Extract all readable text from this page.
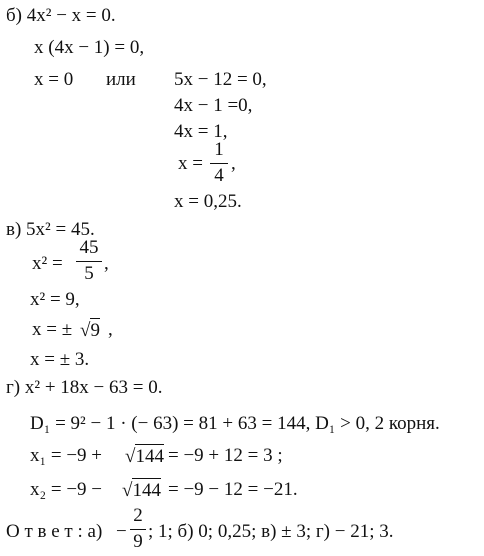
б) 4x² − x = 0.
x (4x − 1) = 0,
x = 0 или 5x − 12 = 0,
4x − 1 =0,
4x = 1,
x =
1
4
,
x = 0,25.
в) 5x² = 45.
x² =
45
5 ,
x² = 9,
x = ± √9 ,
x = ± 3.
г) x² + 18x − 63 = 0.
D₁ = 9² − 1 · (− 63) = 81 + 63 = 144, D₁ > 0, 2 корня.
x₁ = −9 + √144 = −9 + 12 = 3 ;
x₂ = −9 − √144 = −9 − 12 = −21.
О т в е т : а) −
2
9 ; 1; б) 0; 0,25; в) ± 3; г) − 21; 3.
